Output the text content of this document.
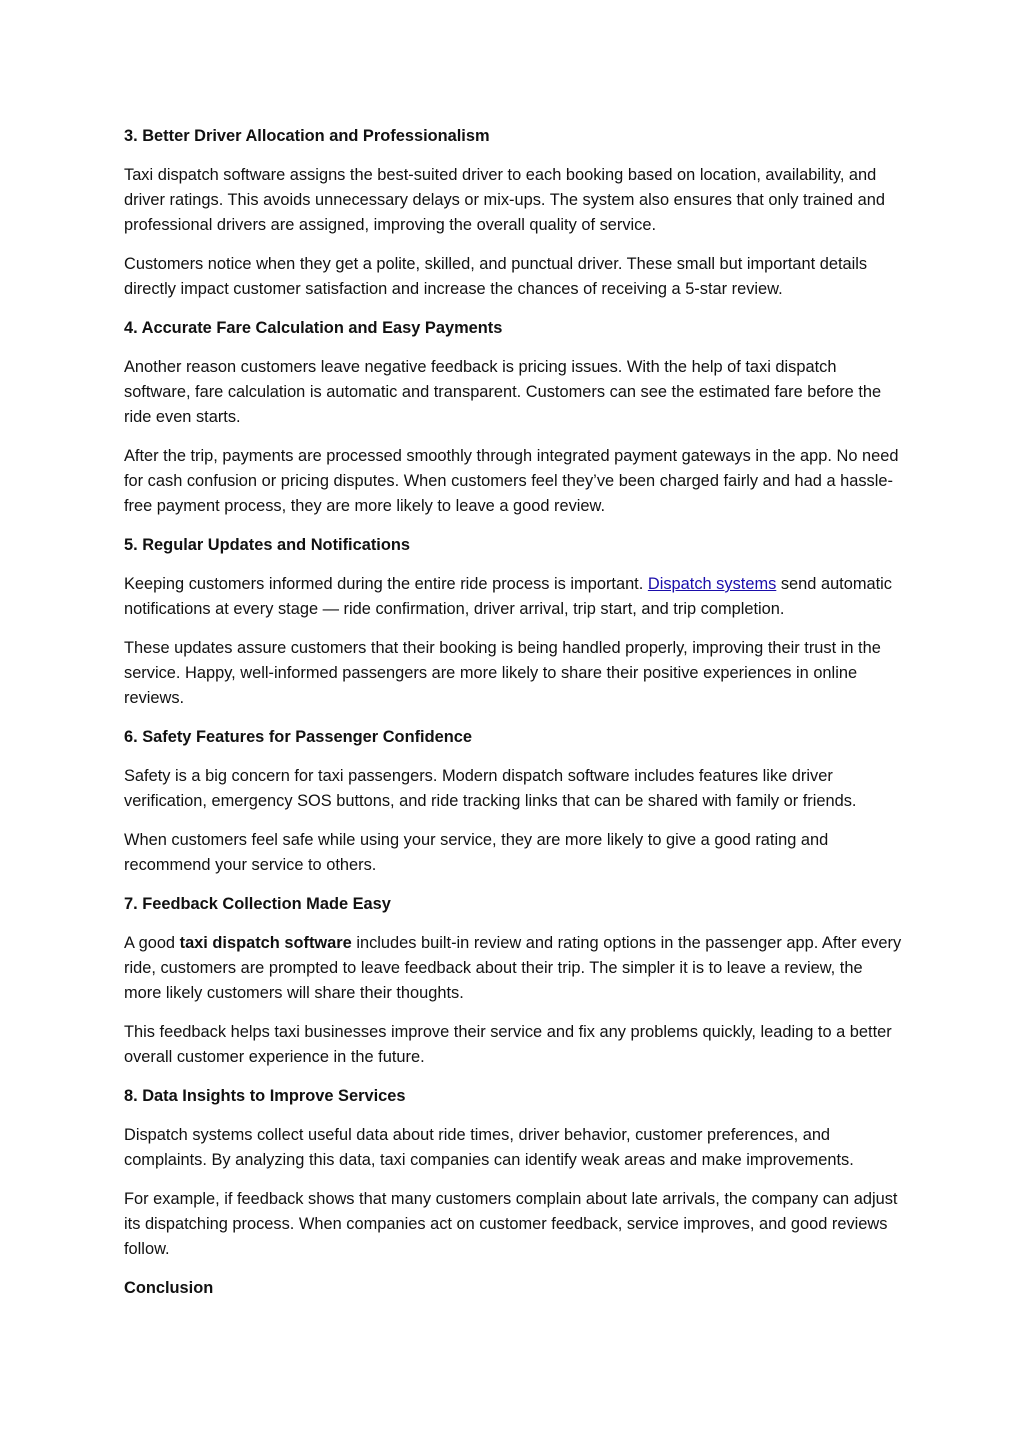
3. Better Driver Allocation and Professionalism
Taxi dispatch software assigns the best-suited driver to each booking based on location, availability, and driver ratings. This avoids unnecessary delays or mix-ups. The system also ensures that only trained and professional drivers are assigned, improving the overall quality of service.
Customers notice when they get a polite, skilled, and punctual driver. These small but important details directly impact customer satisfaction and increase the chances of receiving a 5-star review.
4. Accurate Fare Calculation and Easy Payments
Another reason customers leave negative feedback is pricing issues. With the help of taxi dispatch software, fare calculation is automatic and transparent. Customers can see the estimated fare before the ride even starts.
After the trip, payments are processed smoothly through integrated payment gateways in the app. No need for cash confusion or pricing disputes. When customers feel they’ve been charged fairly and had a hassle-free payment process, they are more likely to leave a good review.
5. Regular Updates and Notifications
Keeping customers informed during the entire ride process is important. Dispatch systems send automatic notifications at every stage — ride confirmation, driver arrival, trip start, and trip completion.
These updates assure customers that their booking is being handled properly, improving their trust in the service. Happy, well-informed passengers are more likely to share their positive experiences in online reviews.
6. Safety Features for Passenger Confidence
Safety is a big concern for taxi passengers. Modern dispatch software includes features like driver verification, emergency SOS buttons, and ride tracking links that can be shared with family or friends.
When customers feel safe while using your service, they are more likely to give a good rating and recommend your service to others.
7. Feedback Collection Made Easy
A good taxi dispatch software includes built-in review and rating options in the passenger app. After every ride, customers are prompted to leave feedback about their trip. The simpler it is to leave a review, the more likely customers will share their thoughts.
This feedback helps taxi businesses improve their service and fix any problems quickly, leading to a better overall customer experience in the future.
8. Data Insights to Improve Services
Dispatch systems collect useful data about ride times, driver behavior, customer preferences, and complaints. By analyzing this data, taxi companies can identify weak areas and make improvements.
For example, if feedback shows that many customers complain about late arrivals, the company can adjust its dispatching process. When companies act on customer feedback, service improves, and good reviews follow.
Conclusion
